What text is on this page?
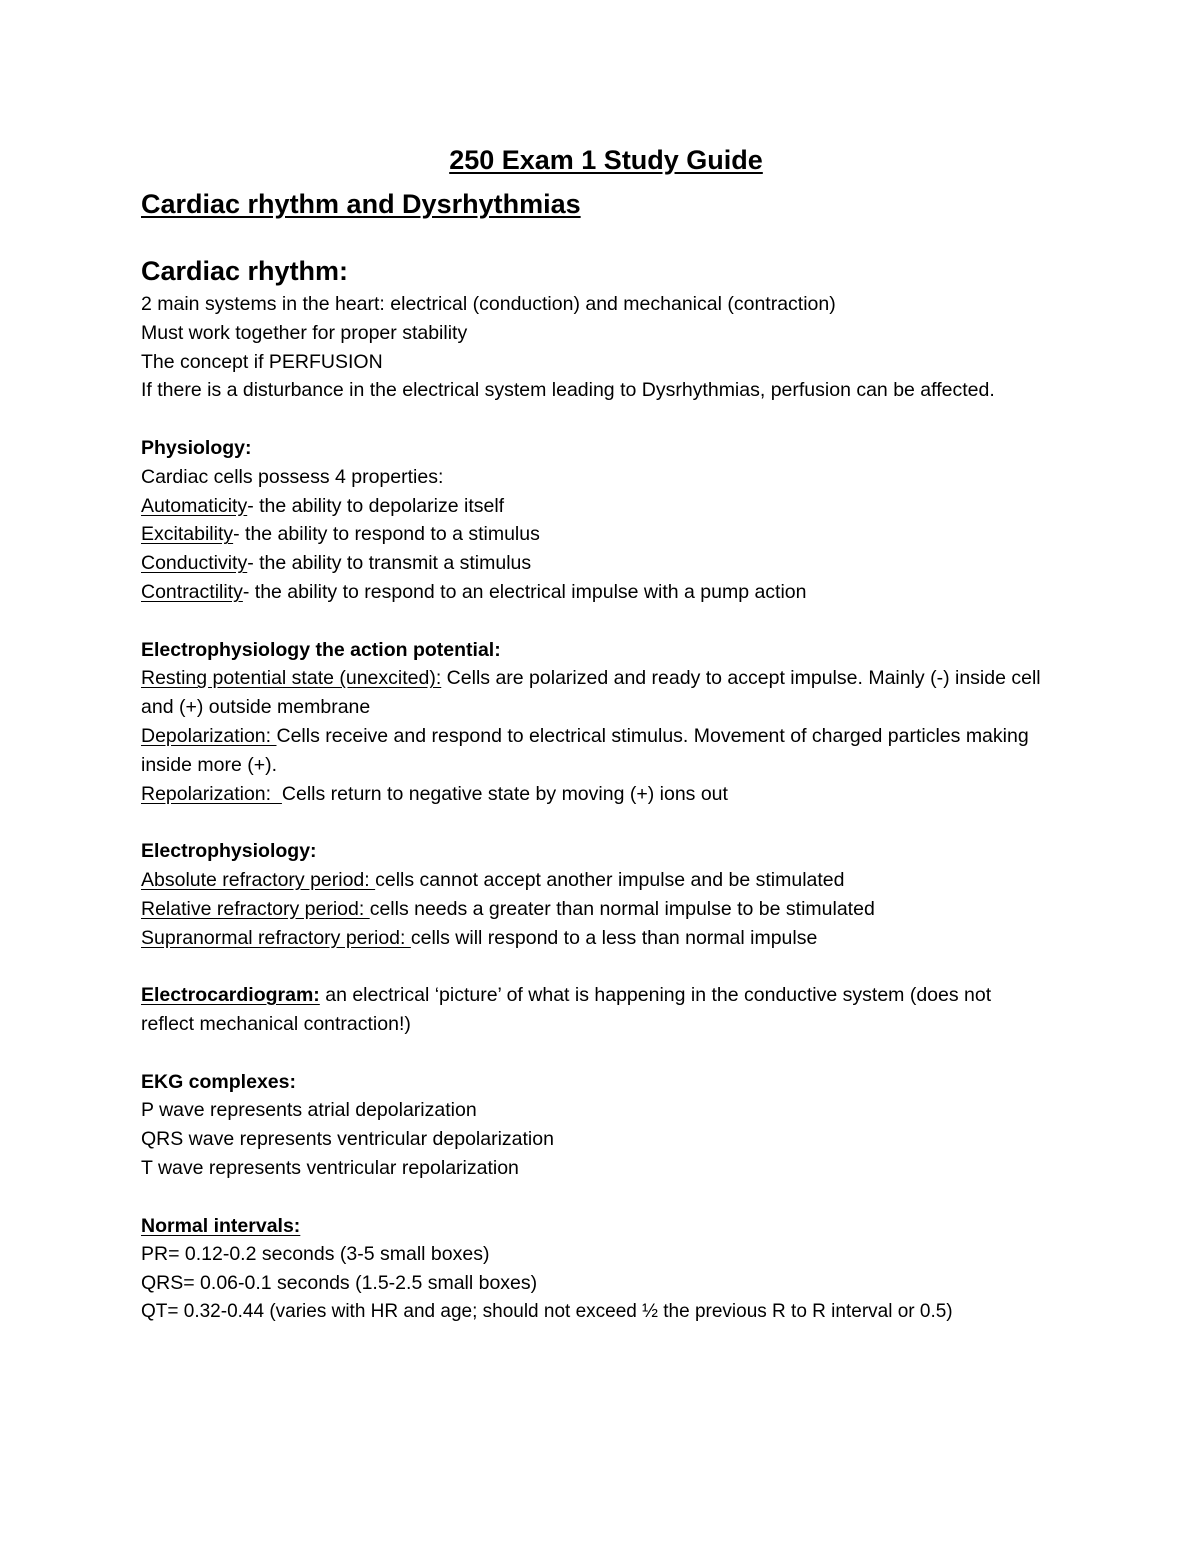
250 Exam 1 Study Guide
Cardiac rhythm and Dysrhythmias
Cardiac rhythm:

2 main systems in the heart: electrical (conduction) and mechanical (contraction)

Must work together for proper stability

The concept if PERFUSION

If there is a disturbance in the electrical system leading to Dysrhythmias, perfusion can be affected.

Physiology:

Cardiac cells possess 4 properties:

Automaticity- the ability to depolarize itself

Excitability- the ability to respond to a stimulus

Conductivity- the ability to transmit a stimulus

Contractility- the ability to respond to an electrical impulse with a pump action

Electrophysiology the action potential:

Resting potential state (unexcited): Cells are polarized and ready to accept impulse. Mainly (-) inside cell and (+) outside membrane

Depolarization: Cells receive and respond to electrical stimulus. Movement of charged particles making inside more (+).

Repolarization:  Cells return to negative state by moving (+) ions out

Electrophysiology:

Absolute refractory period: cells cannot accept another impulse and be stimulated

Relative refractory period: cells needs a greater than normal impulse to be stimulated

Supranormal refractory period: cells will respond to a less than normal impulse

Electrocardiogram: an electrical ‘picture’ of what is happening in the conductive system (does not reflect mechanical contraction!)

EKG complexes:

P wave represents atrial depolarization

QRS wave represents ventricular depolarization

T wave represents ventricular repolarization

Normal intervals:

PR= 0.12-0.2 seconds (3-5 small boxes)

QRS= 0.06-0.1 seconds (1.5-2.5 small boxes)

QT= 0.32-0.44 (varies with HR and age; should not exceed ½ the previous R to R interval or 0.5)
